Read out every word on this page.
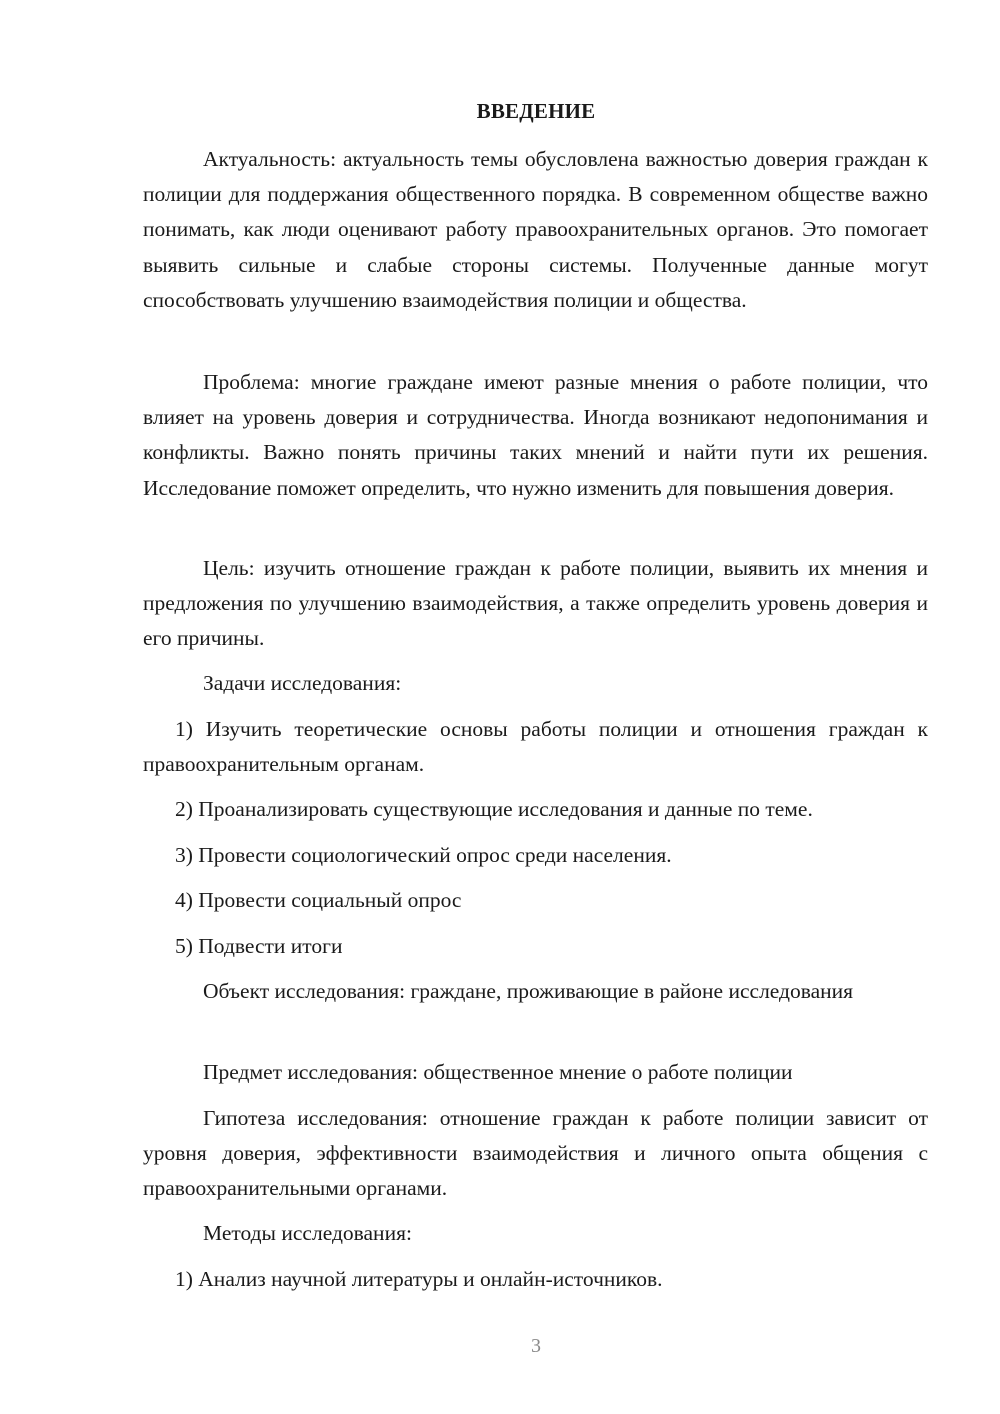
ВВЕДЕНИЕ

Актуальность: актуальность темы обусловлена важностью доверия граждан к полиции для поддержания общественного порядка. В современном обществе важно понимать, как люди оценивают работу правоохранительных органов. Это помогает выявить сильные и слабые стороны системы. Полученные данные могут способствовать улучшению взаимодействия полиции и общества.

Проблема: многие граждане имеют разные мнения о работе полиции, что влияет на уровень доверия и сотрудничества. Иногда возникают недопонимания и конфликты. Важно понять причины таких мнений и найти пути их решения. Исследование поможет определить, что нужно изменить для повышения доверия.

Цель: изучить отношение граждан к работе полиции, выявить их мнения и предложения по улучшению взаимодействия, а также определить уровень доверия и его причины.

Задачи исследования:

1) Изучить теоретические основы работы полиции и отношения граждан к правоохранительным органам.

2) Проанализировать существующие исследования и данные по теме.

3) Провести социологический опрос среди населения.

4) Провести социальный опрос

5) Подвести итоги

Объект исследования: граждане, проживающие в районе исследования

Предмет исследования: общественное мнение о работе полиции

Гипотеза исследования: отношение граждан к работе полиции зависит от уровня доверия, эффективности взаимодействия и личного опыта общения с правоохранительными органами.

Методы исследования:

1) Анализ научной литературы и онлайн-источников.

3
